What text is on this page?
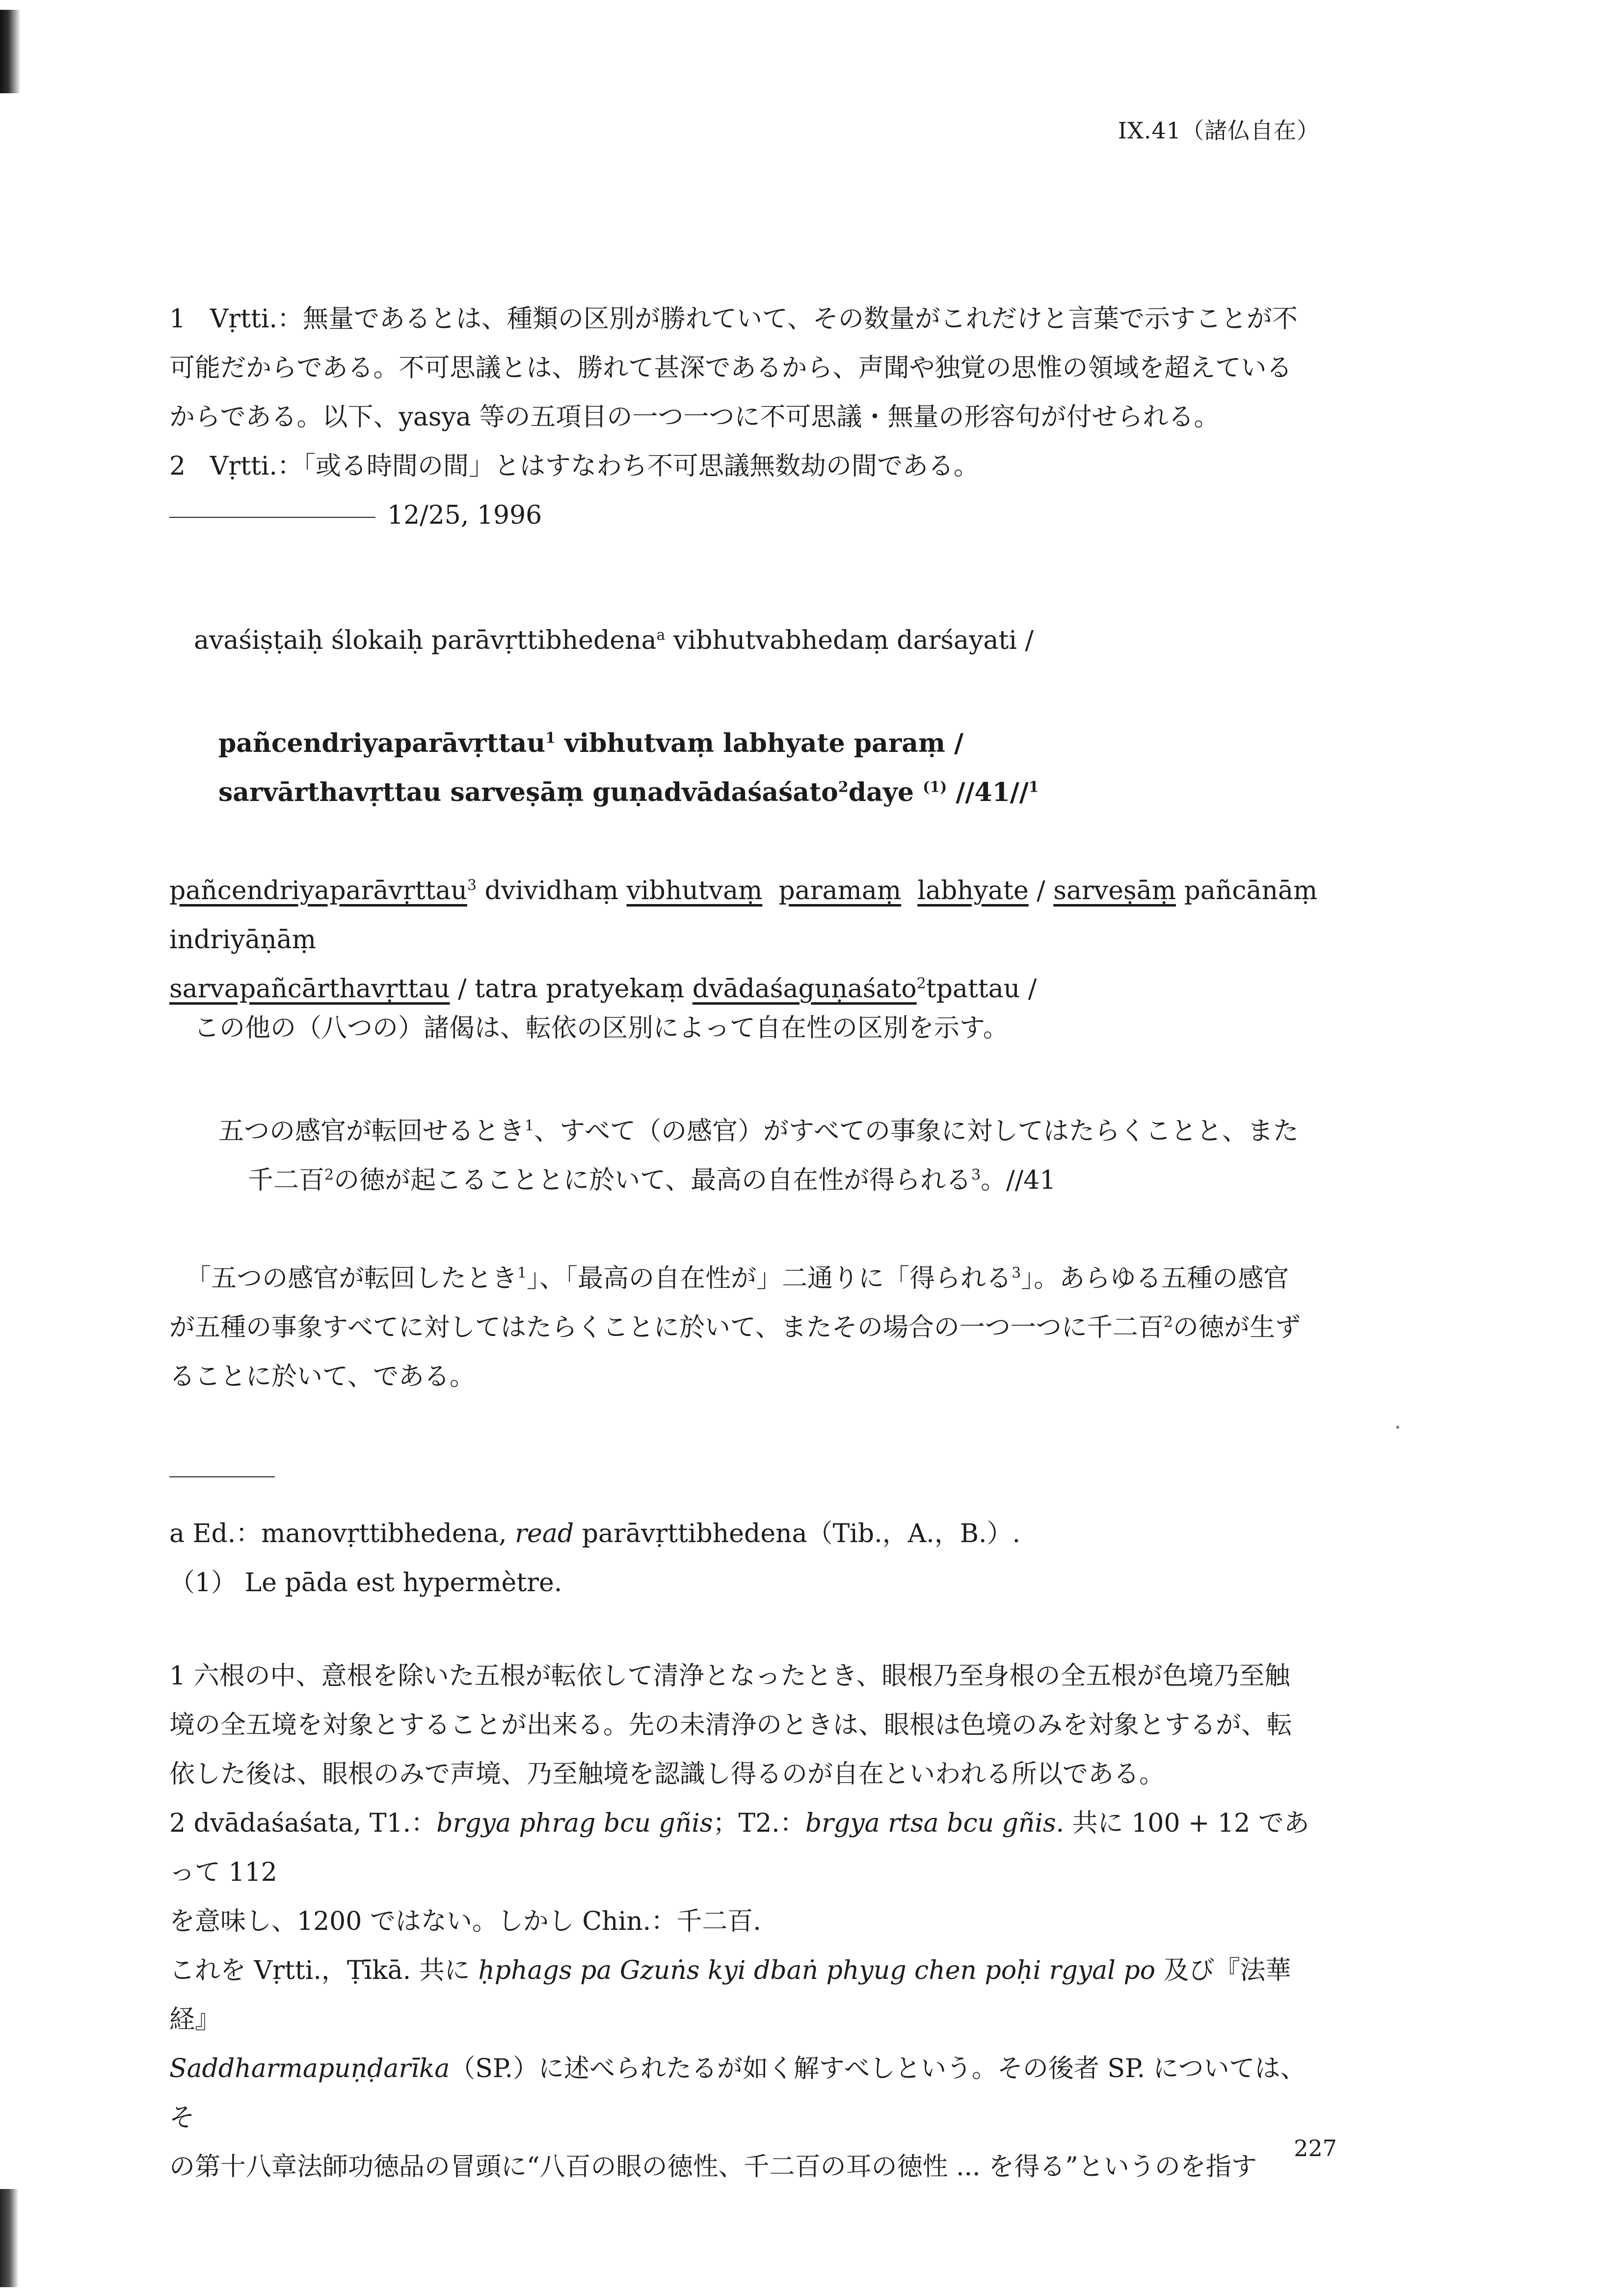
IX.41（諸仏自在）

1 Vṛtti.：無量であるとは、種類の区別が勝れていて、その数量がこれだけと言葉で示すことが不

可能だからである。不可思議とは、勝れて甚深であるから、声聞や独覚の思惟の領域を超えている

からである。以下、yasya 等の五項目の一つ一つに不可思議・無量の形容句が付せられる。

2 Vṛtti.：「或る時間の間」とはすなわち不可思議無数劫の間である。

12/25, 1996

avaśiṣṭaiḥ ślokaiḥ parāvṛttibhedena$^a$ vibhutvabhedaṃ darśayati /

pañcendriyaparāvṛttau$^1$ vibhutvaṃ labhyate paraṃ /

sarvārthavṛttau sarveṣāṃ guṇadvādaśaśato$^2$daye $^{(1)}$ //41//$^1$

pañcendriyaparāvṛttau$^3$ dvividhaṃ vibhutvaṃ paramaṃ labhyate / sarveṣāṃ pañcānāṃ indriyāṇāṃ

sarvapañcārthavṛttau / tatra pratyekaṃ dvādaśaguṇaśato$^2$tpattau /

この他の（八つの）諸偈は、転依の区別によって自在性の区別を示す。

五つの感官が転回せるとき$^1$、すべて（の感官）がすべての事象に対してはたらくことと、また

千二百$^2$の徳が起こることとに於いて、最高の自在性が得られる$^3$。//41

「五つの感官が転回したとき$^1$」、「最高の自在性が」二通りに「得られる$^3$」。あらゆる五種の感官

が五種の事象すべてに対してはたらくことに於いて、またその場合の一つ一つに千二百$^2$の徳が生ず

ることに於いて、である。

a Ed.：manovṛttibhedena, read parāvṛttibhedena（Tib.，A.，B.）.

（1） Le pāda est hypermètre.

1 六根の中、意根を除いた五根が転依して清浄となったとき、眼根乃至身根の全五根が色境乃至触

境の全五境を対象とすることが出来る。先の未清浄のときは、眼根は色境のみを対象とするが、転

依した後は、眼根のみで声境、乃至触境を認識し得るのが自在といわれる所以である。

2 dvādaśaśata, T1.：brgya phrag bcu gñis；T2.：brgya rtsa bcu gñis. 共に 100 + 12 であって 112

を意味し、1200 ではない。しかし Chin.：千二百.

これを Vṛtti.，Ṭīkā. 共に ḥphags pa Gzuṅs kyi dbaṅ phyug chen poḥi rgyal po 及び『法華経』

Saddharmapuṇḍarīka（SP.）に述べられたるが如く解すべしという。その後者 SP. については、そ

の第十八章法師功徳品の冒頭に“八百の眼の徳性、千二百の耳の徳性 ... を得る”というのを指す

227
